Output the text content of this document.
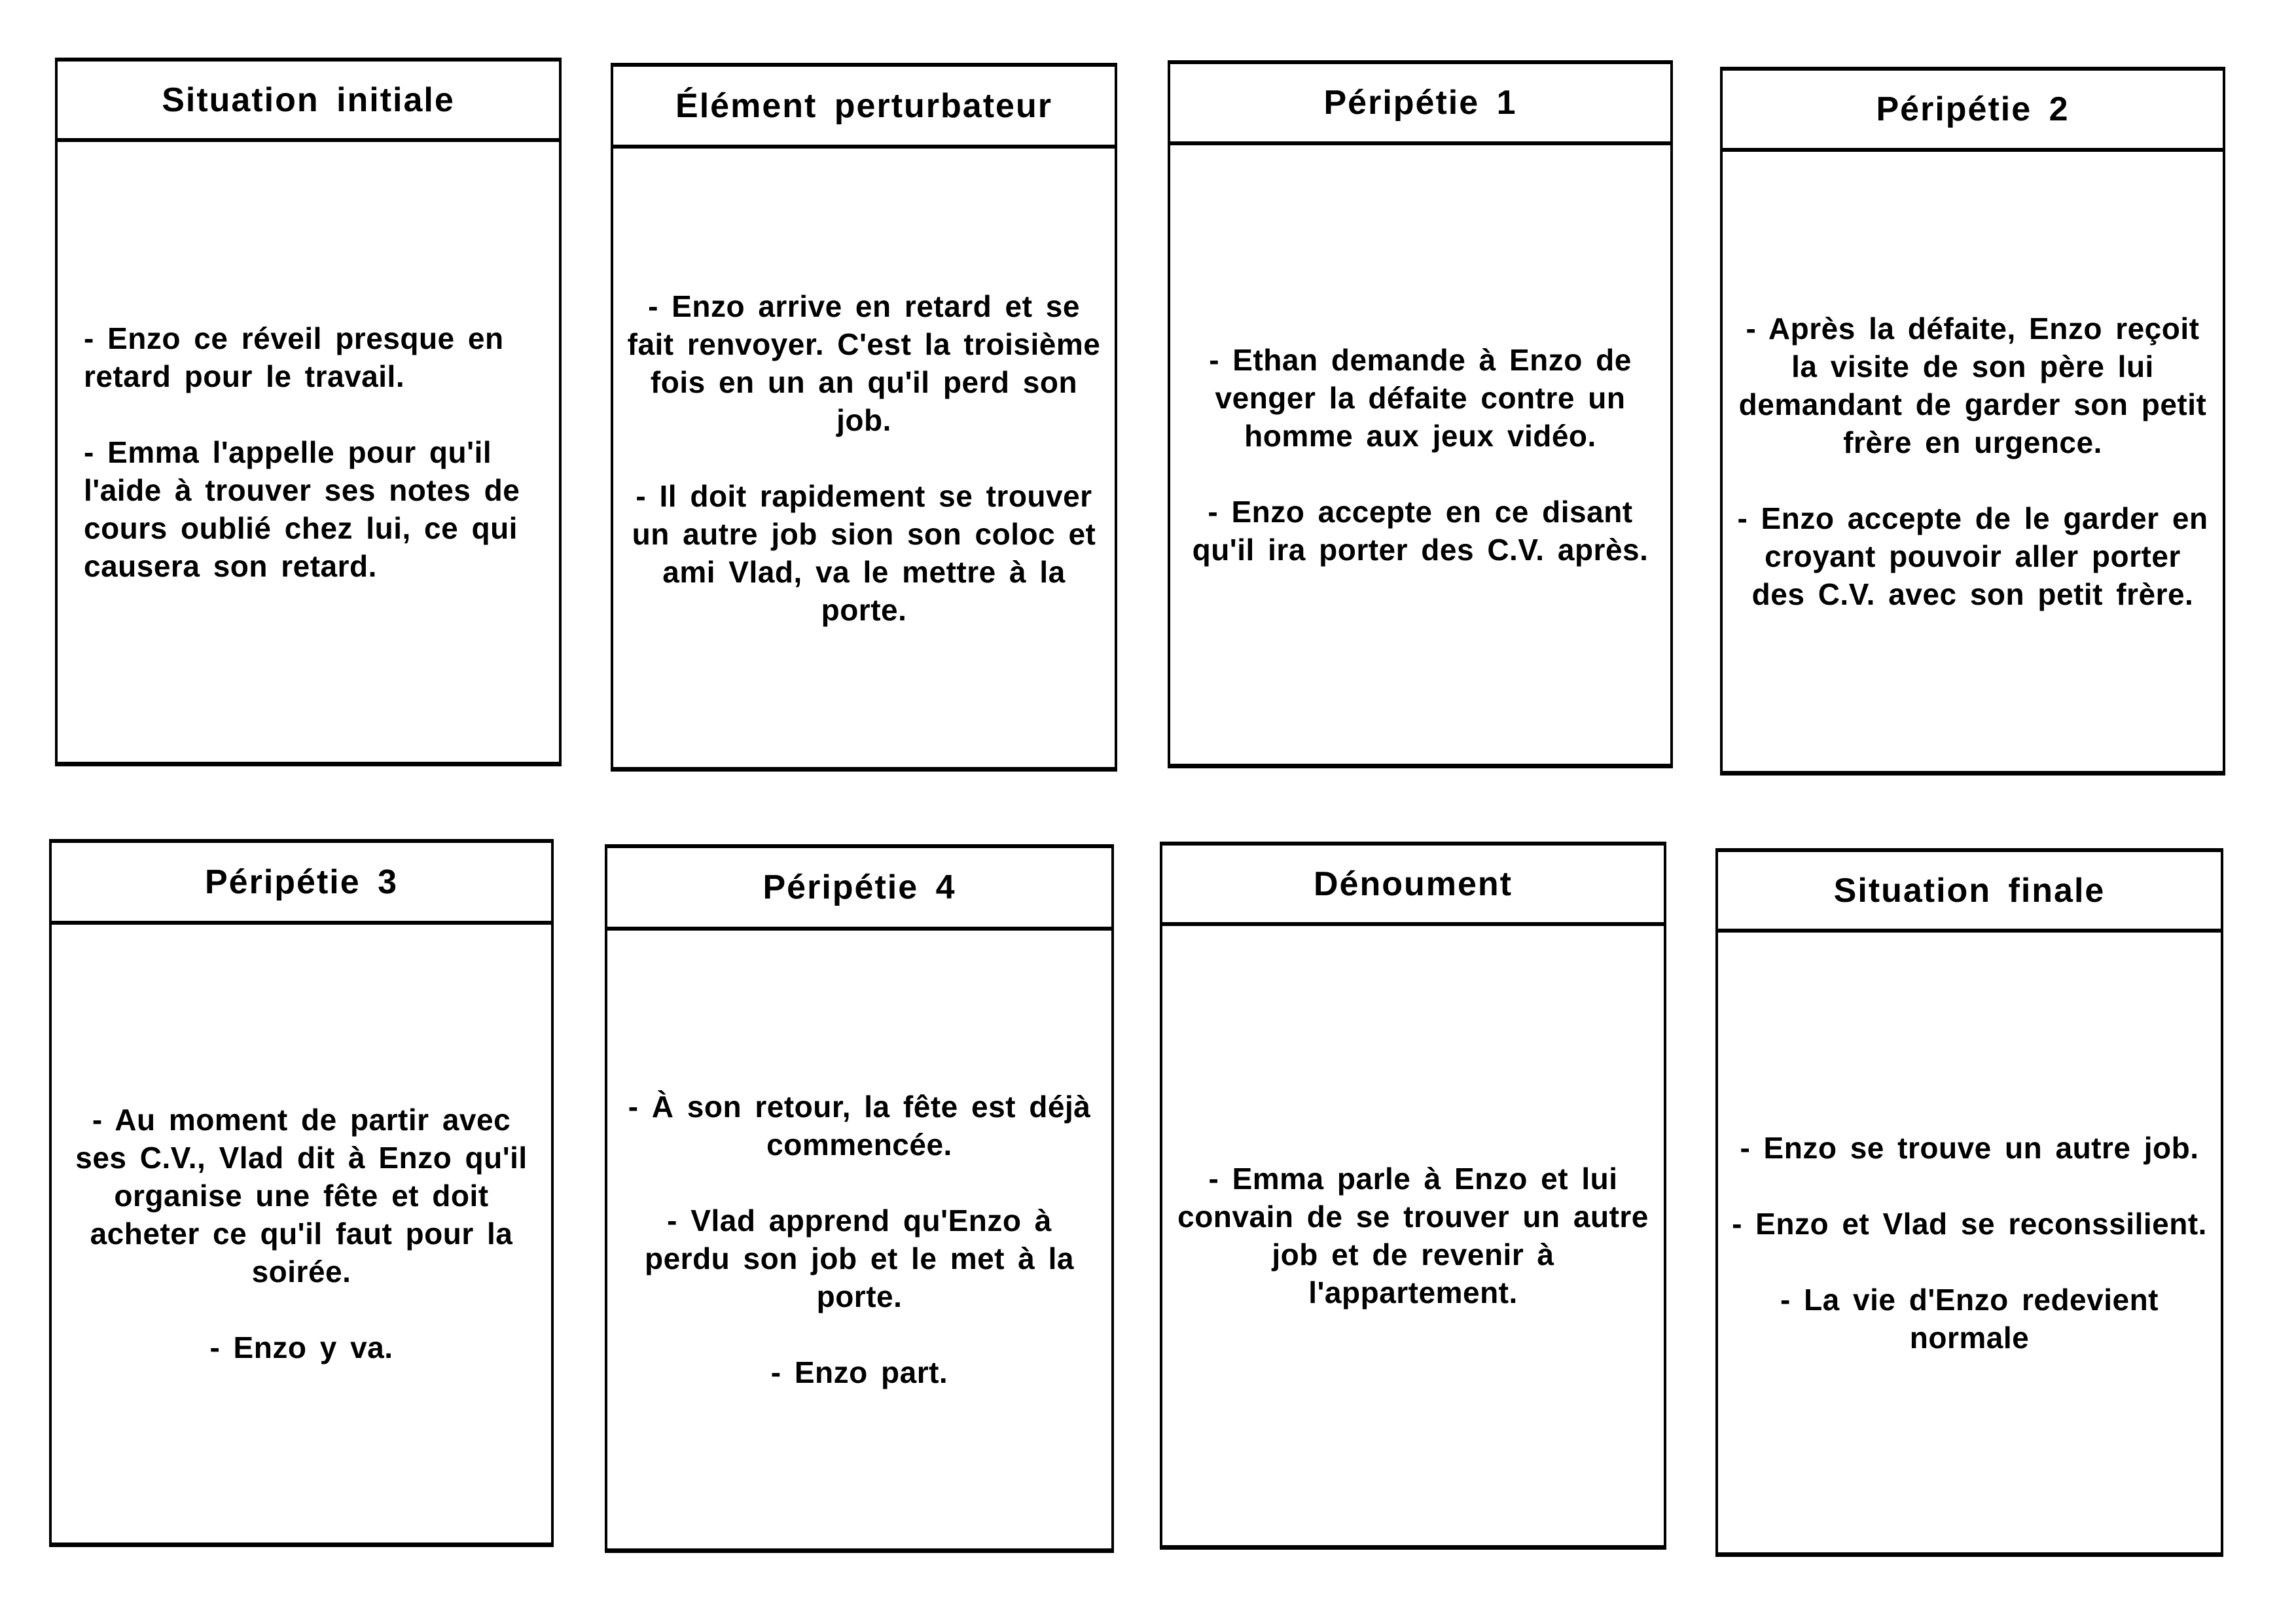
Situation initiale

- Enzo ce réveil presque en retard pour le travail.

- Emma l'appelle pour qu'il l'aide à trouver ses notes de cours oublié chez lui, ce qui causera son retard.

Élément perturbateur

- Enzo arrive en retard et se fait renvoyer. C'est la troisième fois en un an qu'il perd son job.

- Il doit rapidement se trouver un autre job sion son coloc et ami Vlad, va le mettre à la porte.

Péripétie 1

- Ethan demande à Enzo de venger la défaite contre un homme aux jeux vidéo.

- Enzo accepte en ce disant qu'il ira porter des C.V. après.

Péripétie 2

- Après la défaite, Enzo reçoit la visite de son père lui demandant de garder son petit frère en urgence.

- Enzo accepte de le garder en croyant pouvoir aller porter des C.V. avec son petit frère.

Péripétie 3

- Au moment de partir avec ses C.V., Vlad dit à Enzo qu'il organise une fête et doit acheter ce qu'il faut pour la soirée.

- Enzo y va.

Péripétie 4

- À son retour, la fête est déjà commencée.

- Vlad apprend qu'Enzo à perdu son job et le met à la porte.

- Enzo part.

Dénoument

- Emma parle à Enzo et lui convain de se trouver un autre job et de revenir à l'appartement.

Situation finale

- Enzo se trouve un autre job.

- Enzo et Vlad se reconssilient.

- La vie d'Enzo redevient normale
